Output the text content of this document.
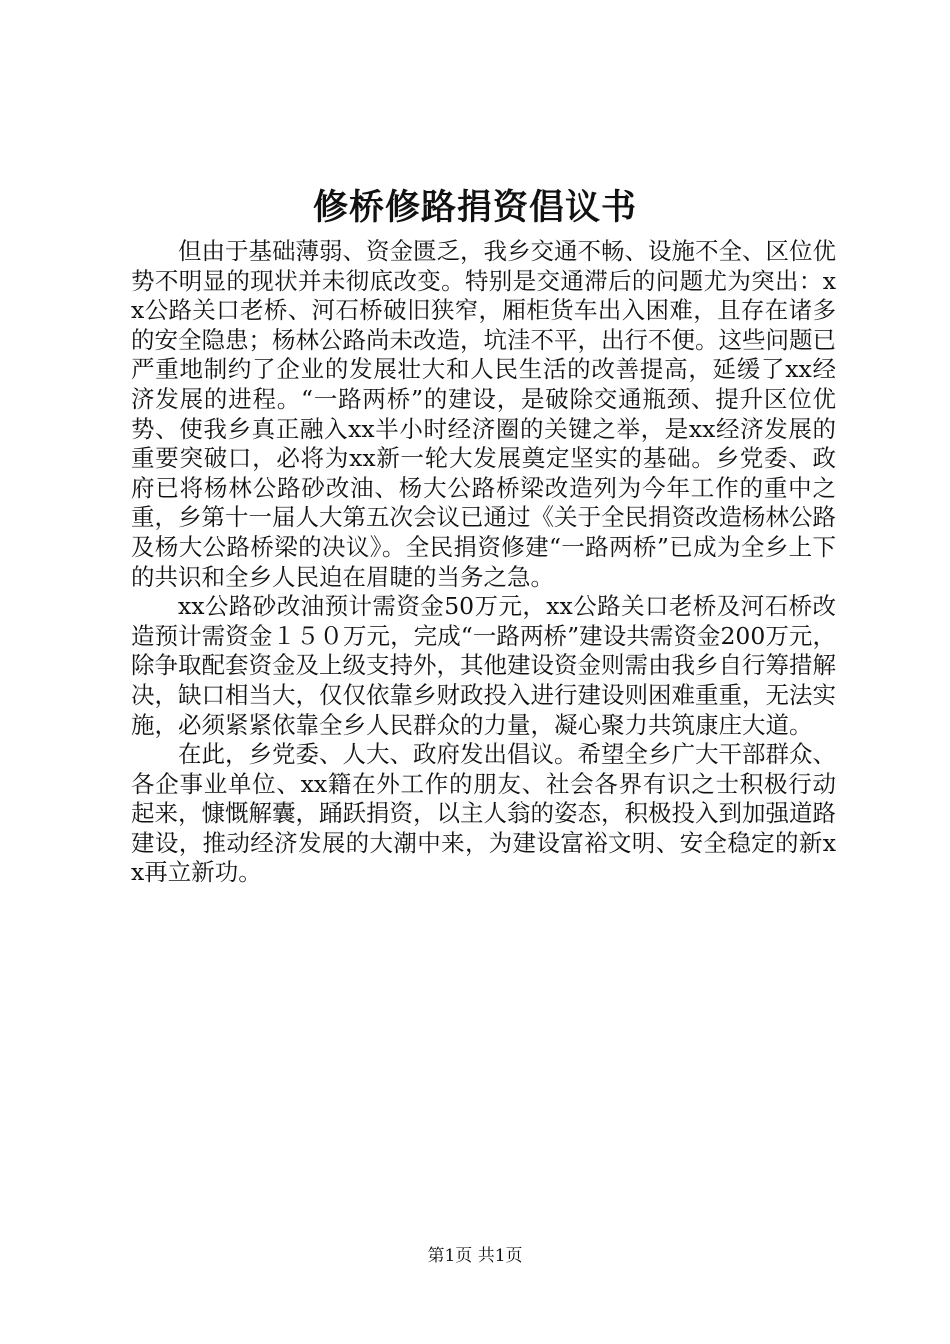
修桥修路捐资倡议书

但由于基础薄弱、资金匮乏，我乡交通不畅、设施不全、区位优势不明显的现状并未彻底改变。特别是交通滞后的问题尤为突出：xx公路关口老桥、河石桥破旧狭窄，厢柜货车出入困难，且存在诸多的安全隐患；杨林公路尚未改造，坑洼不平，出行不便。这些问题已严重地制约了企业的发展壮大和人民生活的改善提高，延缓了xx经济发展的进程。“一路两桥”的建设，是破除交通瓶颈、提升区位优势、使我乡真正融入xx半小时经济圈的关键之举，是xx经济发展的重要突破口，必将为xx新一轮大发展奠定坚实的基础。乡党委、政府已将杨林公路砂改油、杨大公路桥梁改造列为今年工作的重中之重，乡第十一届人大第五次会议已通过《关于全民捐资改造杨林公路及杨大公路桥梁的决议》。全民捐资修建“一路两桥”已成为全乡上下的共识和全乡人民迫在眉睫的当务之急。

xx公路砂改油预计需资金50万元，xx公路关口老桥及河石桥改造预计需资金１５０万元，完成“一路两桥”建设共需资金200万元，除争取配套资金及上级支持外，其他建设资金则需由我乡自行筹措解决，缺口相当大，仅仅依靠乡财政投入进行建设则困难重重，无法实施，必须紧紧依靠全乡人民群众的力量，凝心聚力共筑康庄大道。

在此，乡党委、人大、政府发出倡议。希望全乡广大干部群众、各企事业单位、xx籍在外工作的朋友、社会各界有识之士积极行动起来，慷慨解囊，踊跃捐资，以主人翁的姿态，积极投入到加强道路建设，推动经济发展的大潮中来，为建设富裕文明、安全稳定的新xx再立新功。

第1页 共1页
